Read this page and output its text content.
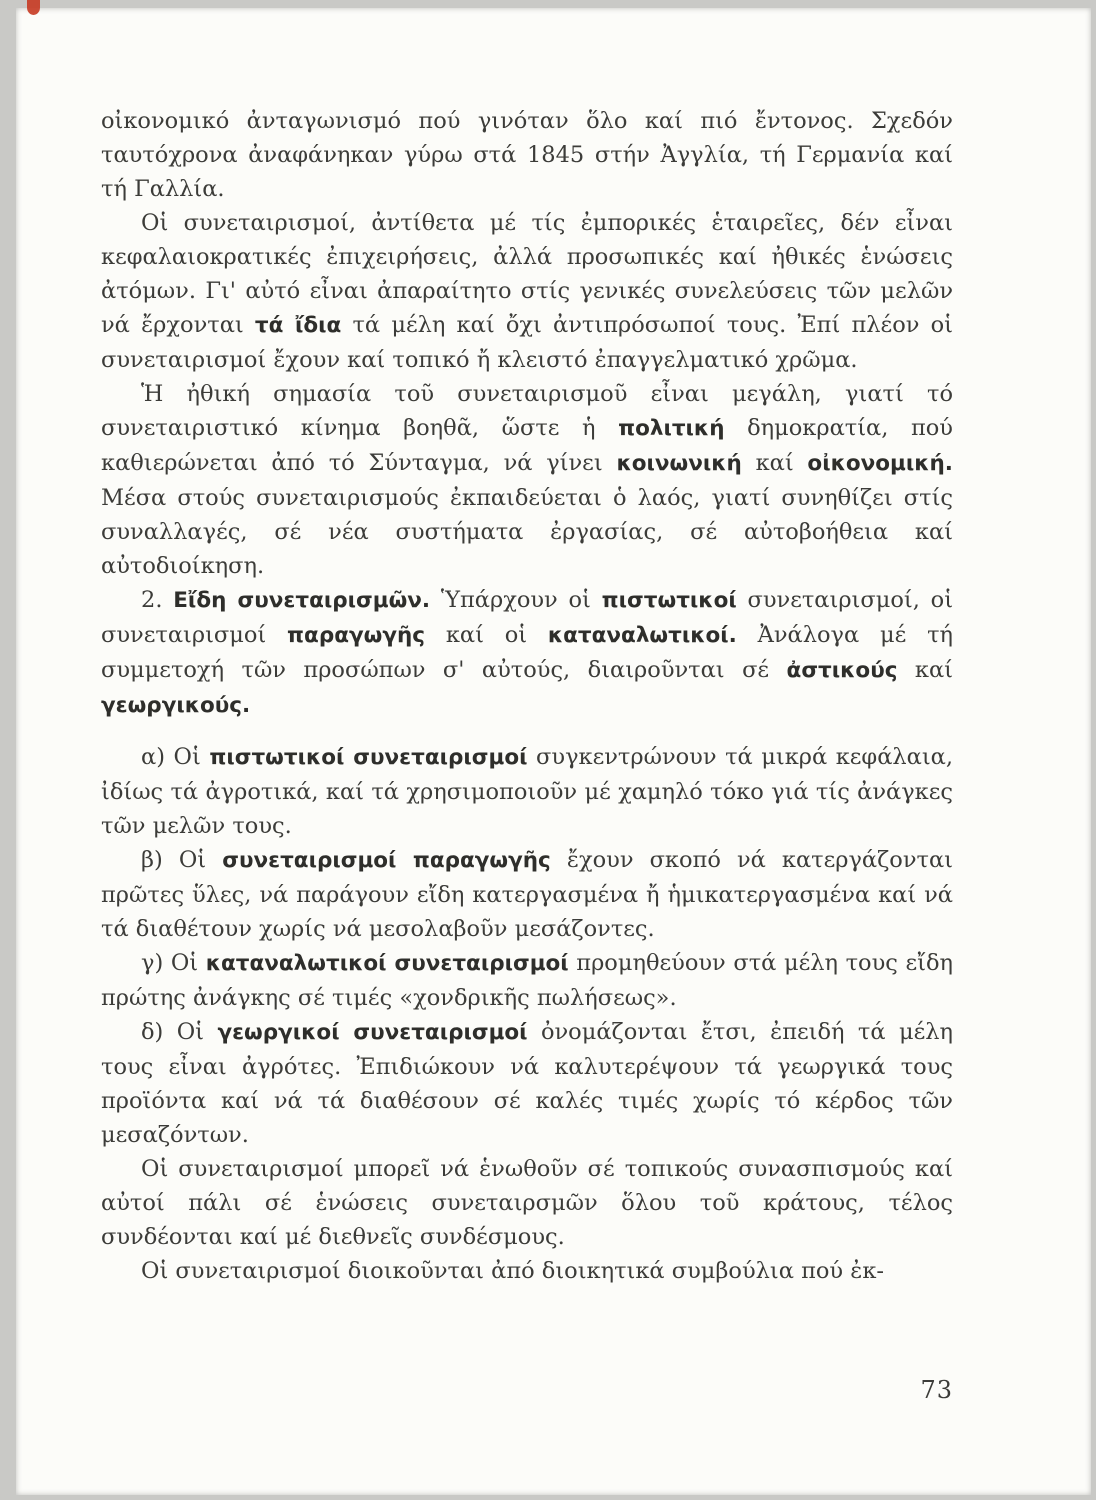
οἰκονομικό ἀνταγωνισμό πού γινόταν ὅλο καί πιό ἔντονος. Σχεδόν ταυτόχρονα ἀναφάνηκαν γύρω στά 1845 στήν Ἀγγλία, τή Γερμανία καί τή Γαλλία.

Οἱ συνεταιρισμοί, ἀντίθετα μέ τίς ἐμπορικές ἑταιρεῖες, δέν εἶναι κεφαλαιοκρατικές ἐπιχειρήσεις, ἀλλά προσωπικές καί ἠθικές ἑνώσεις ἀτόμων. Γι' αὐτό εἶναι ἀπαραίτητο στίς γενικές συνελεύσεις τῶν μελῶν νά ἔρχονται τά ἴδια τά μέλη καί ὄχι ἀντιπρόσωποί τους. Ἐπί πλέον οἱ συνεταιρισμοί ἔχουν καί τοπικό ἤ κλειστό ἐπαγγελματικό χρῶμα.

Ἡ ἠθική σημασία τοῦ συνεταιρισμοῦ εἶναι μεγάλη, γιατί τό συνεταιριστικό κίνημα βοηθᾶ, ὥστε ἡ πολιτική δημοκρατία, πού καθιερώνεται ἀπό τό Σύνταγμα, νά γίνει κοινωνική καί οἰκονομική. Μέσα στούς συνεταιρισμούς ἐκπαιδεύεται ὁ λαός, γιατί συνηθίζει στίς συναλλαγές, σέ νέα συστήματα ἐργασίας, σέ αὐτοβοήθεια καί αὐτοδιοίκηση.

2. Εἴδη συνεταιρισμῶν. Ὑπάρχουν οἱ πιστωτικοί συνεταιρισμοί, οἱ συνεταιρισμοί παραγωγῆς καί οἱ καταναλωτικοί. Ἀνάλογα μέ τή συμμετοχή τῶν προσώπων σ' αὐτούς, διαιροῦνται σέ ἀστικούς καί γεωργικούς.

α) Οἱ πιστωτικοί συνεταιρισμοί συγκεντρώνουν τά μικρά κεφάλαια, ἰδίως τά ἀγροτικά, καί τά χρησιμοποιοῦν μέ χαμηλό τόκο γιά τίς ἀνάγκες τῶν μελῶν τους.

β) Οἱ συνεταιρισμοί παραγωγῆς ἔχουν σκοπό νά κατεργάζονται πρῶτες ὕλες, νά παράγουν εἴδη κατεργασμένα ἤ ἡμικατεργασμένα καί νά τά διαθέτουν χωρίς νά μεσολαβοῦν μεσάζοντες.

γ) Οἱ καταναλωτικοί συνεταιρισμοί προμηθεύουν στά μέλη τους εἴδη πρώτης ἀνάγκης σέ τιμές «χονδρικῆς πωλήσεως».

δ) Οἱ γεωργικοί συνεταιρισμοί ὀνομάζονται ἔτσι, ἐπειδή τά μέλη τους εἶναι ἀγρότες. Ἐπιδιώκουν νά καλυτερέψουν τά γεωργικά τους προϊόντα καί νά τά διαθέσουν σέ καλές τιμές χωρίς τό κέρδος τῶν μεσαζόντων.

Οἱ συνεταιρισμοί μπορεῖ νά ἑνωθοῦν σέ τοπικούς συνασπισμούς καί αὐτοί πάλι σέ ἑνώσεις συνεταιρσμῶν ὅλου τοῦ κράτους, τέλος συνδέονται καί μέ διεθνεῖς συνδέσμους.

Οἱ συνεταιρισμοί διοικοῦνται ἀπό διοικητικά συμβούλια πού ἐκ-

73
